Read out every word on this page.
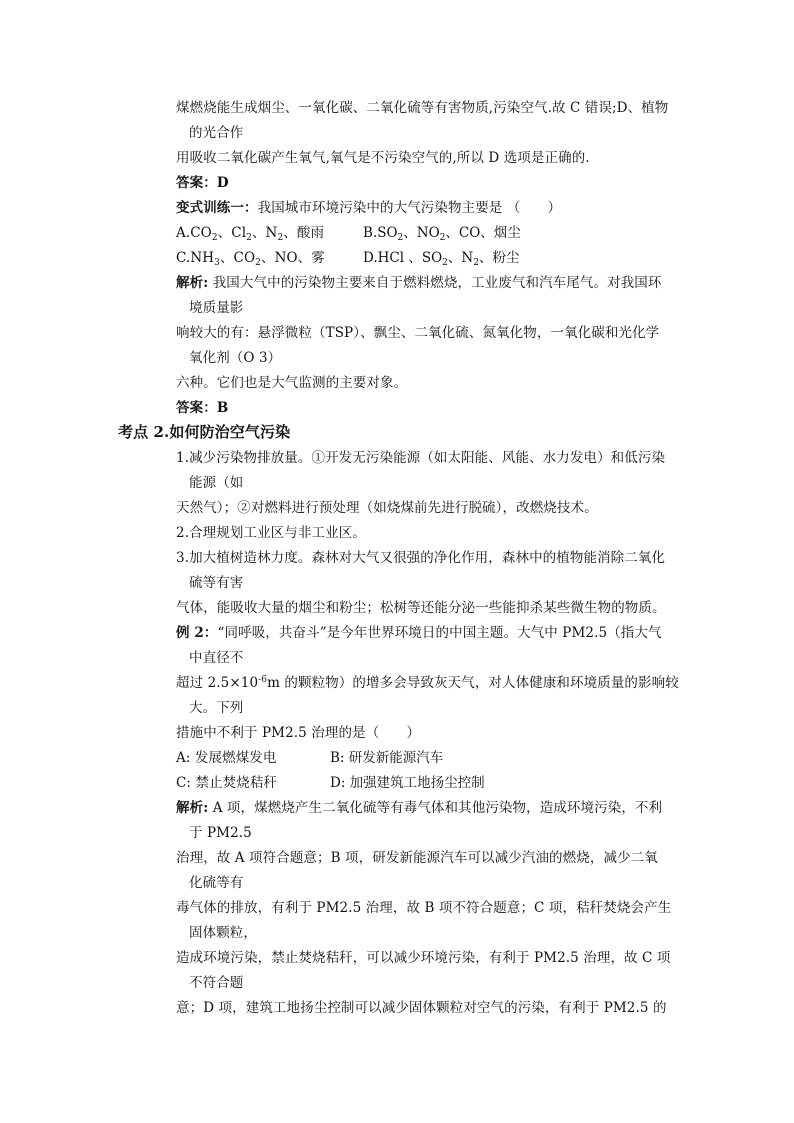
煤燃烧能生成烟尘、一氧化碳、二氧化硫等有害物质,污染空气.故 C 错误;D、植物
的光合作
用吸收二氧化碳产生氧气,氧气是不污染空气的,所以 D 选项是正确的.
答案：D
变式训练一：我国城市环境污染中的大气污染物主要是 （　　）
$A.CO_2$、$Cl_2$、$N_2$、酸雨	$B.SO_2$、$NO_2$、CO、烟尘
$C.NH_3$、$CO_2$、NO、雾	D.HCl 、$SO_2$、$N_2$、粉尘
解析: 我国大气中的污染物主要来自于燃料燃烧，工业废气和汽车尾气。对我国环
境质量影
响较大的有：悬浮微粒（TSP）、飘尘、二氧化硫、氮氧化物，一氧化碳和光化学
氧化剂（O 3）
六种。它们也是大气监测的主要对象。
答案：B
考点 2.如何防治空气污染
1.减少污染物排放量。①开发无污染能源（如太阳能、风能、水力发电）和低污染
能源（如
天然气）；②对燃料进行预处理（如烧煤前先进行脱硫），改燃烧技术。
2.合理规划工业区与非工业区。
3.加大植树造林力度。森林对大气又很强的净化作用，森林中的植物能消除二氧化
硫等有害
气体，能吸收大量的烟尘和粉尘；松树等还能分泌一些能抑杀某些微生物的物质。
例 2：“同呼吸，共奋斗”是今年世界环境日的中国主题。大气中 PM2.5（指大气
中直径不
超过 $2.5\times 10^{-6}m$ 的颗粒物）的增多会导致灰天气，对人体健康和环境质量的影响较
大。下列
措施中不利于 PM2.5 治理的是（　　）
A: 发展燃煤发电	B: 研发新能源汽车
C: 禁止焚烧秸秆	D: 加强建筑工地扬尘控制
解析: A 项，煤燃烧产生二氧化硫等有毒气体和其他污染物，造成环境污染，不利
于 PM2.5
治理，故 A 项符合题意；B 项，研发新能源汽车可以减少汽油的燃烧，减少二氧
化硫等有
毒气体的排放，有利于 PM2.5 治理，故 B 项不符合题意；C 项，秸秆焚烧会产生
固体颗粒，
造成环境污染，禁止焚烧秸秆，可以减少环境污染，有利于 PM2.5 治理，故 C 项
不符合题
意；D 项，建筑工地扬尘控制可以减少固体颗粒对空气的污染，有利于 PM2.5 的
